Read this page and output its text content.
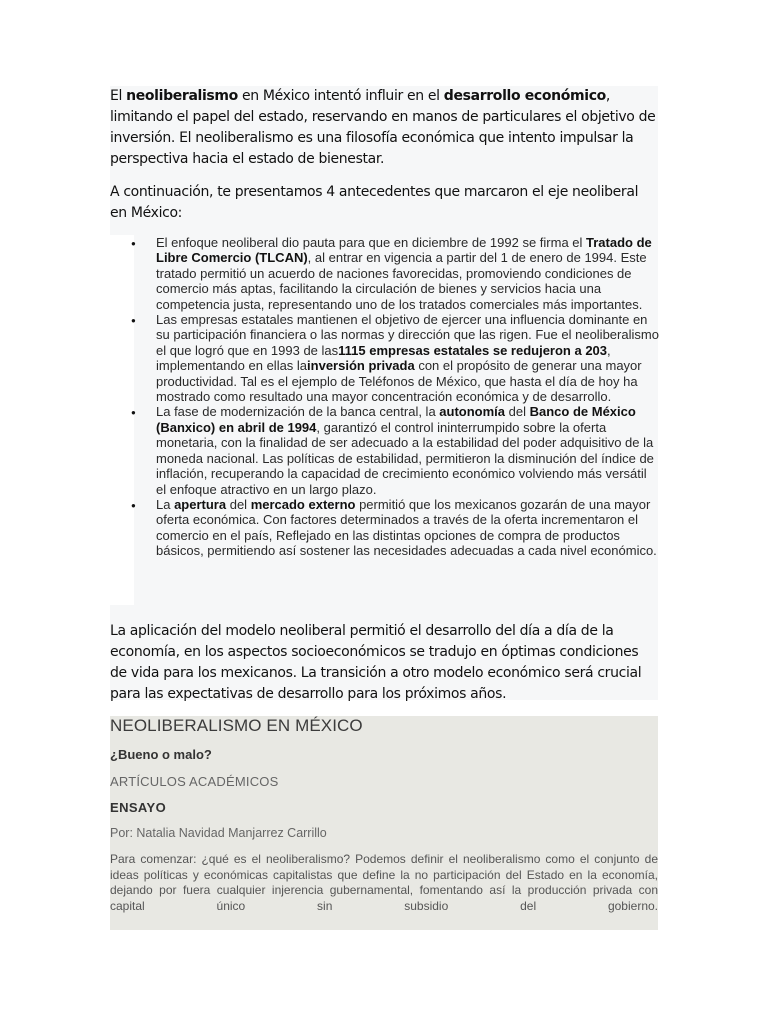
El neoliberalismo en México intentó influir en el desarrollo económico, limitando el papel del estado, reservando en manos de particulares el objetivo de inversión. El neoliberalismo es una filosofía económica que intento impulsar la perspectiva hacia el estado de bienestar.

A continuación, te presentamos 4 antecedentes que marcaron el eje neoliberal en México:

● El enfoque neoliberal dio pauta para que en diciembre de 1992 se firma el Tratado de Libre Comercio (TLCAN), al entrar en vigencia a partir del 1 de enero de 1994. Este tratado permitió un acuerdo de naciones favorecidas, promoviendo condiciones de comercio más aptas, facilitando la circulación de bienes y servicios hacia una competencia justa, representando uno de los tratados comerciales más importantes.
● Las empresas estatales mantienen el objetivo de ejercer una influencia dominante en su participación financiera o las normas y dirección que las rigen. Fue el neoliberalismo el que logró que en 1993 de las1115 empresas estatales se redujeron a 203, implementando en ellas lainversión privada con el propósito de generar una mayor productividad. Tal es el ejemplo de Teléfonos de México, que hasta el día de hoy ha mostrado como resultado una mayor concentración económica y de desarrollo.
● La fase de modernización de la banca central, la autonomía del Banco de México (Banxico) en abril de 1994, garantizó el control ininterrumpido sobre la oferta monetaria, con la finalidad de ser adecuado a la estabilidad del poder adquisitivo de la moneda nacional. Las políticas de estabilidad, permitieron la disminución del índice de inflación, recuperando la capacidad de crecimiento económico volviendo más versátil el enfoque atractivo en un largo plazo.
● La apertura del mercado externo permitió que los mexicanos gozarán de una mayor oferta económica. Con factores determinados a través de la oferta incrementaron el comercio en el país, Reflejado en las distintas opciones de compra de productos básicos, permitiendo así sostener las necesidades adecuadas a cada nivel económico.

La aplicación del modelo neoliberal permitió el desarrollo del día a día de la economía, en los aspectos socioeconómicos se tradujo en óptimas condiciones de vida para los mexicanos. La transición a otro modelo económico será crucial para las expectativas de desarrollo para los próximos años.

NEOLIBERALISMO EN MÉXICO
¿Bueno o malo?
ARTÍCULOS ACADÉMICOS
ENSAYO
Por: Natalia Navidad Manjarrez Carrillo
Para comenzar: ¿qué es el neoliberalismo? Podemos definir el neoliberalismo como el conjunto de ideas políticas y económicas capitalistas que define la no participación del Estado en la economía, dejando por fuera cualquier injerencia gubernamental, fomentando así la producción privada con capital único sin subsidio del gobierno.
